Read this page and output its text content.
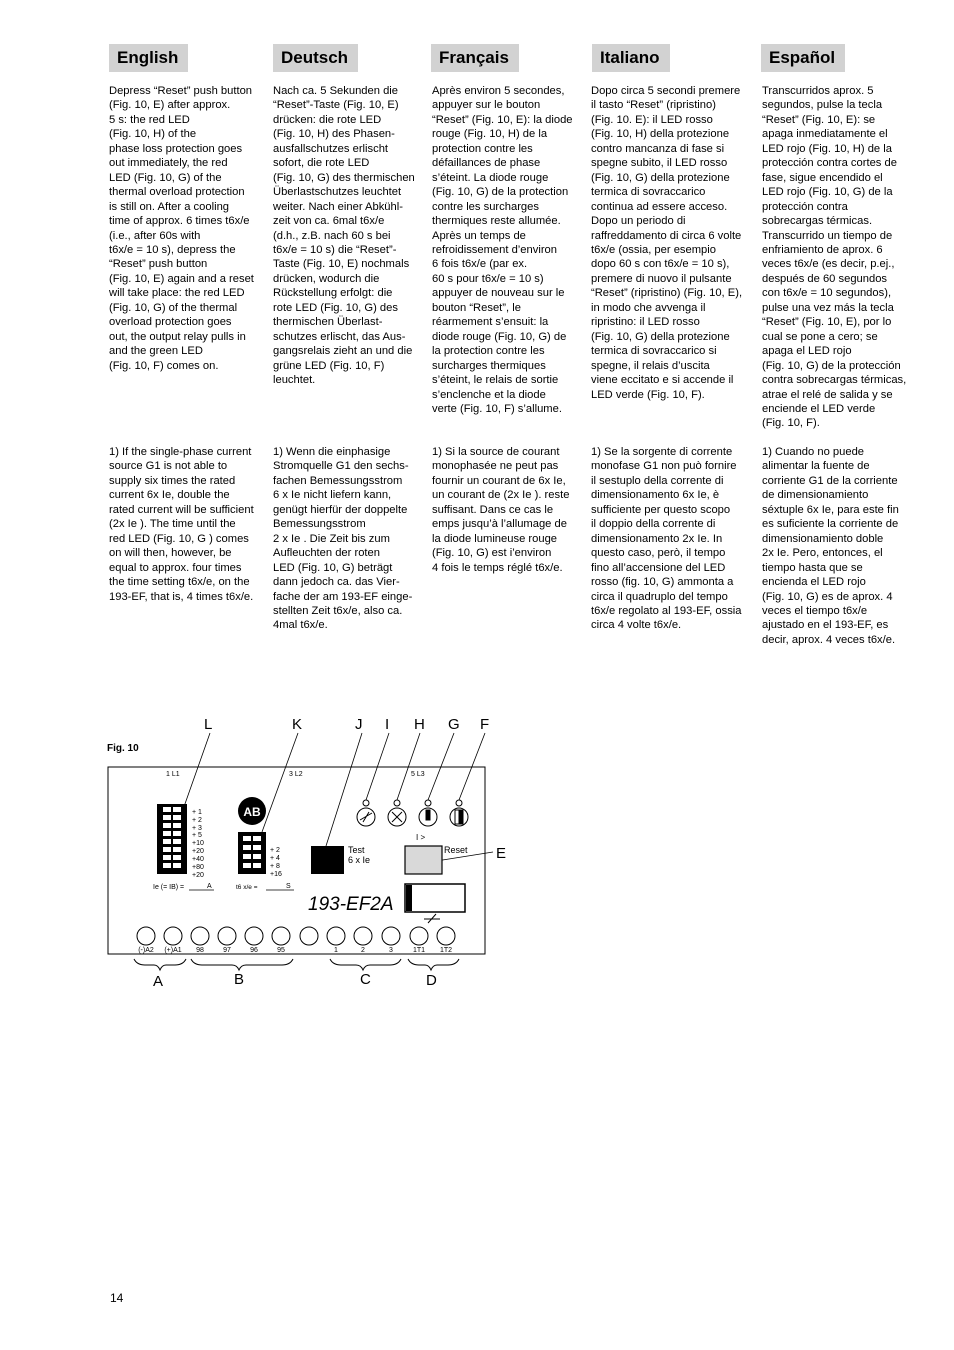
English

Depress “Reset” push button
(Fig. 10, E) after approx.
5 s: the red LED
(Fig. 10, H) of the
phase loss protection goes
out immediately, the red
LED (Fig. 10, G) of the
thermal overload protection
is still on. After a cooling
time of approx. 6 times t6x/e
(i.e., after 60s with
t6x/e = 10 s), depress the
“Reset” push button
(Fig. 10, E) again and a reset
will take place: the red LED
(Fig. 10, G) of the thermal
overload protection goes
out, the output relay pulls in
and the green LED
(Fig. 10, F) comes on.

1) If the single-phase current
source G1 is not able to
supply six times the rated
current 6x Ie, double the
rated current will be sufficient
(2x Ie ). The time until the
red LED (Fig. 10, G ) comes
on will then, however, be
equal to approx. four times
the time setting t6x/e, on the
193-EF, that is, 4 times t6x/e.

Deutsch

Nach ca. 5 Sekunden die
“Reset”-Taste (Fig. 10, E)
drücken: die rote LED
(Fig. 10, H) des Phasen-
ausfallschutzes erlischt
sofort, die rote LED
(Fig. 10, G) des thermischen
Überlastschutzes leuchtet
weiter. Nach einer Abkühl-
zeit von ca. 6mal t6x/e
(d.h., z.B. nach 60 s bei
t6x/e = 10 s) die “Reset”-
Taste (Fig. 10, E) nochmals
drücken, wodurch die
Rückstellung erfolgt: die
rote LED (Fig. 10, G) des
thermischen Überlast-
schutzes erlischt, das Aus-
gangsrelais zieht an und die
grüne LED (Fig. 10, F)
leuchtet.

1) Wenn die einphasige
Stromquelle G1 den sechs-
fachen Bemessungsstrom
6 x Ie nicht liefern kann,
genügt hierfür der doppelte
Bemessungsstrom
2 x Ie . Die Zeit bis zum
Aufleuchten der roten
LED (Fig. 10, G) beträgt
dann jedoch ca. das Vier-
fache der am 193-EF einge-
stellten Zeit t6x/e, also ca.
4mal t6x/e.

Français

Après environ 5 secondes,
appuyer sur le bouton
“Reset” (Fig. 10, E): la diode
rouge (Fig. 10, H) de la
protection contre les
défaillances de phase
s’éteint. La diode rouge
(Fig. 10, G) de la protection
contre les surcharges
thermiques reste allumée.
Après un temps de
refroidissement d’environ
6 fois t6x/e (par ex.
60 s pour t6x/e = 10 s)
appuyer de nouveau sur le
bouton “Reset”, le
réarmement s’ensuit: la
diode rouge (Fig. 10, G) de
la protection contre les
surcharges thermiques
s’éteint, le relais de sortie
s’enclenche et la diode
verte (Fig. 10, F) s’allume.

1) Si la source de courant
monophasée ne peut pas
fournir un courant de 6x Ie,
un courant de (2x Ie ). reste
suffisant. Dans ce cas le
emps jusqu’à l’allumage de
la diode lumineuse rouge
(Fig. 10, G) est i’environ
4 fois le temps réglé t6x/e.

Italiano

Dopo circa 5 secondi premere
il tasto “Reset” (ripristino)
(Fig. 10. E): il LED rosso
(Fig. 10, H) della protezione
contro mancanza di fase si
spegne subito, il LED rosso
(Fig. 10, G) della protezione
termica di sovraccarico
continua ad essere acceso.
Dopo un periodo di
raffreddamento di circa 6 volte
t6x/e (ossia, per esempio
dopo 60 s con t6x/e = 10 s),
premere di nuovo il pulsante
“Reset” (ripristino) (Fig. 10, E),
in modo che avvenga il
ripristino: il LED rosso
(Fig. 10, G) della protezione
termica di sovraccarico si
spegne, il relais d’uscita
viene eccitato e si accende il
LED verde (Fig. 10, F).

1) Se la sorgente di corrente
monofase G1 non può fornire
il sestuplo della corrente di
dimensionamento 6x Ie, è
sufficiente per questo scopo
il doppio della corrente di
dimensionamento 2x Ie. In
questo caso, però, il tempo
fino all’accensione del LED
rosso (fig. 10, G) ammonta a
circa il quadruplo del tempo
t6x/e regolato al 193-EF, ossia
circa 4 volte t6x/e.

Español

Transcurridos aprox. 5
segundos, pulse la tecla
“Reset” (Fig. 10, E): se
apaga inmediatamente el
LED rojo (Fig. 10, H) de la
protección contra cortes de
fase, sigue encendido el
LED rojo (Fig. 10, G) de la
protección contra
sobrecargas térmicas.
Transcurrido un tiempo de
enfriamiento de aprox. 6
veces t6x/e (es decir, p.ej.,
después de 60 segundos
con t6x/e = 10 segundos),
pulse una vez más la tecla
“Reset” (Fig. 10, E), por lo
cual se pone a cero; se
apaga el LED rojo
(Fig. 10, G) de la protección
contra sobrecargas térmicas,
atrae el relé de salida y se
enciende el LED verde
(Fig. 10, F).

1) Cuando no puede
alimentar la fuente de
corriente G1 de la corriente
de dimensionamiento
séxtuple 6x Ie, para este fin
es suficiente la corriente de
dimensionamiento doble
2x Ie. Pero, entonces, el
tiempo hasta que se
encienda el LED rojo
(Fig. 10, G) es de aprox. 4
veces el tiempo t6x/e
ajustado en el 193-EF, es
decir, aprox. 4 veces t6x/e.

L	K	J I H G F
E
Fig. 10
1 L1	3 L2	5 L3
+ 1
+ 2
+ 3
+ 5
+10
+20
+40
+80
+20
Ie (= IB) =	A
AB
+ 2
+ 4
+ 8
+16
t6 x/e =	S
Test
6 x Ie
I >
Reset
193-EF2A
(-)A2 (+)A1 98	97	96	95	1	2	3	1T1 1T2
A	B	C	D
14
